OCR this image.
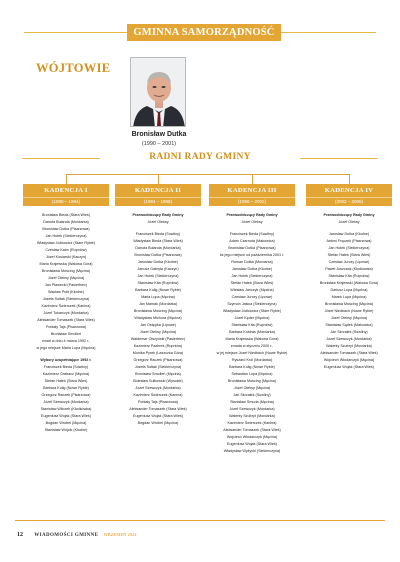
GMINNA SAMORZĄDNOŚĆ
WÓJTOWIE
Bronisław Dutka
(1990 – 2001)
RADNI RADY GMINY
KADENCJA I
(1990 – 1994)
Bronisław Bieda (Stara Wieś)
Danuta Bułanda (Mordarka)
Bronisław Dutka (Pisarzowa)
Jan Hutek (Siekierczyna)
Władysław Jóźkowicz (Stare Rybie)
Czesław Kaim (Rupniów)
Józef Kosiarski (Kaczyn)
Maria Krajewska (Walowa Góra)
Bronisława Mościng (Męcina)
Józef Oleksy (Męcina)
Jan Pławecki (Pasierbiec)
Wacław Pulit (Kłodne)
Józefa Sołtak (Siekierczyna)
Kazimierz Świerczek (Kanina)
Józef Tokarczyk (Mordarka)
Aleksander Tomaszek (Stara Wieś)
Pobiały Tajs (Pisarzowa)
Bronisław Smolleń
zmarł w dniu 4 marca 1992 r.,
w jego miejsce Maria Lupa (Męcina)
Wybory uzupełniające 1992 r.
Franciszek Bieda (Sowliny)
Kazimierz Grabacz (Męcina)
Stefan Hałek (Stara Wieś)
Barbara Kulig (Nowe Rybie)
Grzegorz Raczek (Pisarzowa)
Józef Szewczyk (Mordarka)
Stanisław Wilczek (Kłodkówka)
Eugeniusz Wojak (Stara Wieś)
Bogdan Wróbel (Męcina)
Stanisław Wójcik (Kłodne)
KADENCJA II
(1994 – 1998)
Przewodniczący Rady Gminy
Józef Oleksy
Franciszek Bieda (Sowliny)
Władysław Bieda (Stara Wieś)
Danuta Bułanda (Mordarka)
Bronisław Dutka (Pisarzowa)
Jarosław Dutka (Kłodne)
Janusz Gabryła (Kaczyn)
Jan Hutek (Siekierczyna)
Stanisław Kita (Rupniów)
Barbara Kulig (Nowe Rybie)
Maria Lupa (Męcina)
Jan Mamak (Mordarka)
Bronisława Mościng (Męcina)
Władysław Michura (Męcina)
Jan Ostępka (Lipowe)
Józef Oleksy (Męcina)
Waldemar Olszyński (Pasierbiec)
Kazimierz Pazbrek (Rupniów)
Monika Pyrek (Laszczka Góra)
Grzegorz Raczek (Pisarzowa)
Józefa Sołtak (Siekierczyna)
Bronisław Smolleń (Męcina)
Bolesław Sułkowski (Wysokie)
Józef Szewczyk (Mordarka)
Kazimierz Świerczek (Kanina)
Pobiały Tajs (Pisarzowa)
Aleksander Tomaszek (Stara Wieś)
Eugeniusz Wojak (Stara Wieś)
Bogdan Wróbel (Męcina)
KADENCJA III
(1998 – 2002)
Przewodniczący Rady Gminy
Józef Oleksy
Franciszek Bieda (Sowliny)
Adam Czarnota (Makowica)
Bronisław Dutka (Pisarzowa)
ks jego miejsce od października 2001 r.
Roman Dutka (Mordarka)
Jarosław Dutka (Kłodne)
Jan Hutek (Siekierczyna)
Stefan Hałek (Stara Wieś)
Wiesław Janczyk (Męcina)
Czesław Jurczy (Lipowe)
Szymon Jasica (Siekierczyna)
Władysław Jóźkowicz (Stare Rybie)
Józef Kęder (Męcina)
Stanisław Kita (Rupniów)
Barbara Kołdras (Mordarka)
Maria Krajewska (Walowa Góra)
zmarła w styczniu 2000 r.,
w jej miejsce Józef Niedbach (Nowe Rybie)
Ryszard Król (Mordarka)
Barbara Kulig (Nowe Rybie)
Sebastian Lupa (Męcina)
Bronisława Mościng (Męcina)
Józef Oleksy (Męcina)
Jan Skrzałek (Sowliny)
Stanisław Smuda (Męcina)
Józef Szewczyk (Mordarka)
Walenty Szubryt (Mordarka)
Kazimierz Świerczek (Kanina)
Aleksander Tomaszek (Stara Wieś)
Wojciech Włodarczyk (Męcina)
Eugeniusz Wojak (Stara Wieś)
Władysław Wyżycki (Siekierczyna)
KADENCJA IV
(2002 – 2006)
Przewodniczący Rady Gminy
Józef Oleksy
Jarosław Dutka (Kłodne)
Antoni Frączek (Pisarzowa)
Jan Hutek (Siekierczyna)
Stefan Hałek (Stara Wieś)
Czesław Jurczy (Lipowe)
Paweł Juszczak (Kłodkówka)
Stanisław Kita (Rupniów)
Bronisław Krajewski (Walowa Góra)
Dariusz Lupa (Męcina)
Marek Lupa (Męcina)
Bronisława Mościng (Męcina)
Józef Niedbach (Nowe Rybie)
Józef Oleksy (Męcina)
Stanisław Sądek (Makowica)
Jan Skrzałek (Sowliny)
Józef Szewczyk (Mordarka)
Walenty Szubryt (Mordarka)
Aleksander Tomaszek (Stara Wieś)
Wojciech Włodarczyk (Męcina)
Eugeniusz Wojak (Stara Wieś)
12 WIADOMOŚCI GMINNE WRZESIEŃ 2022
